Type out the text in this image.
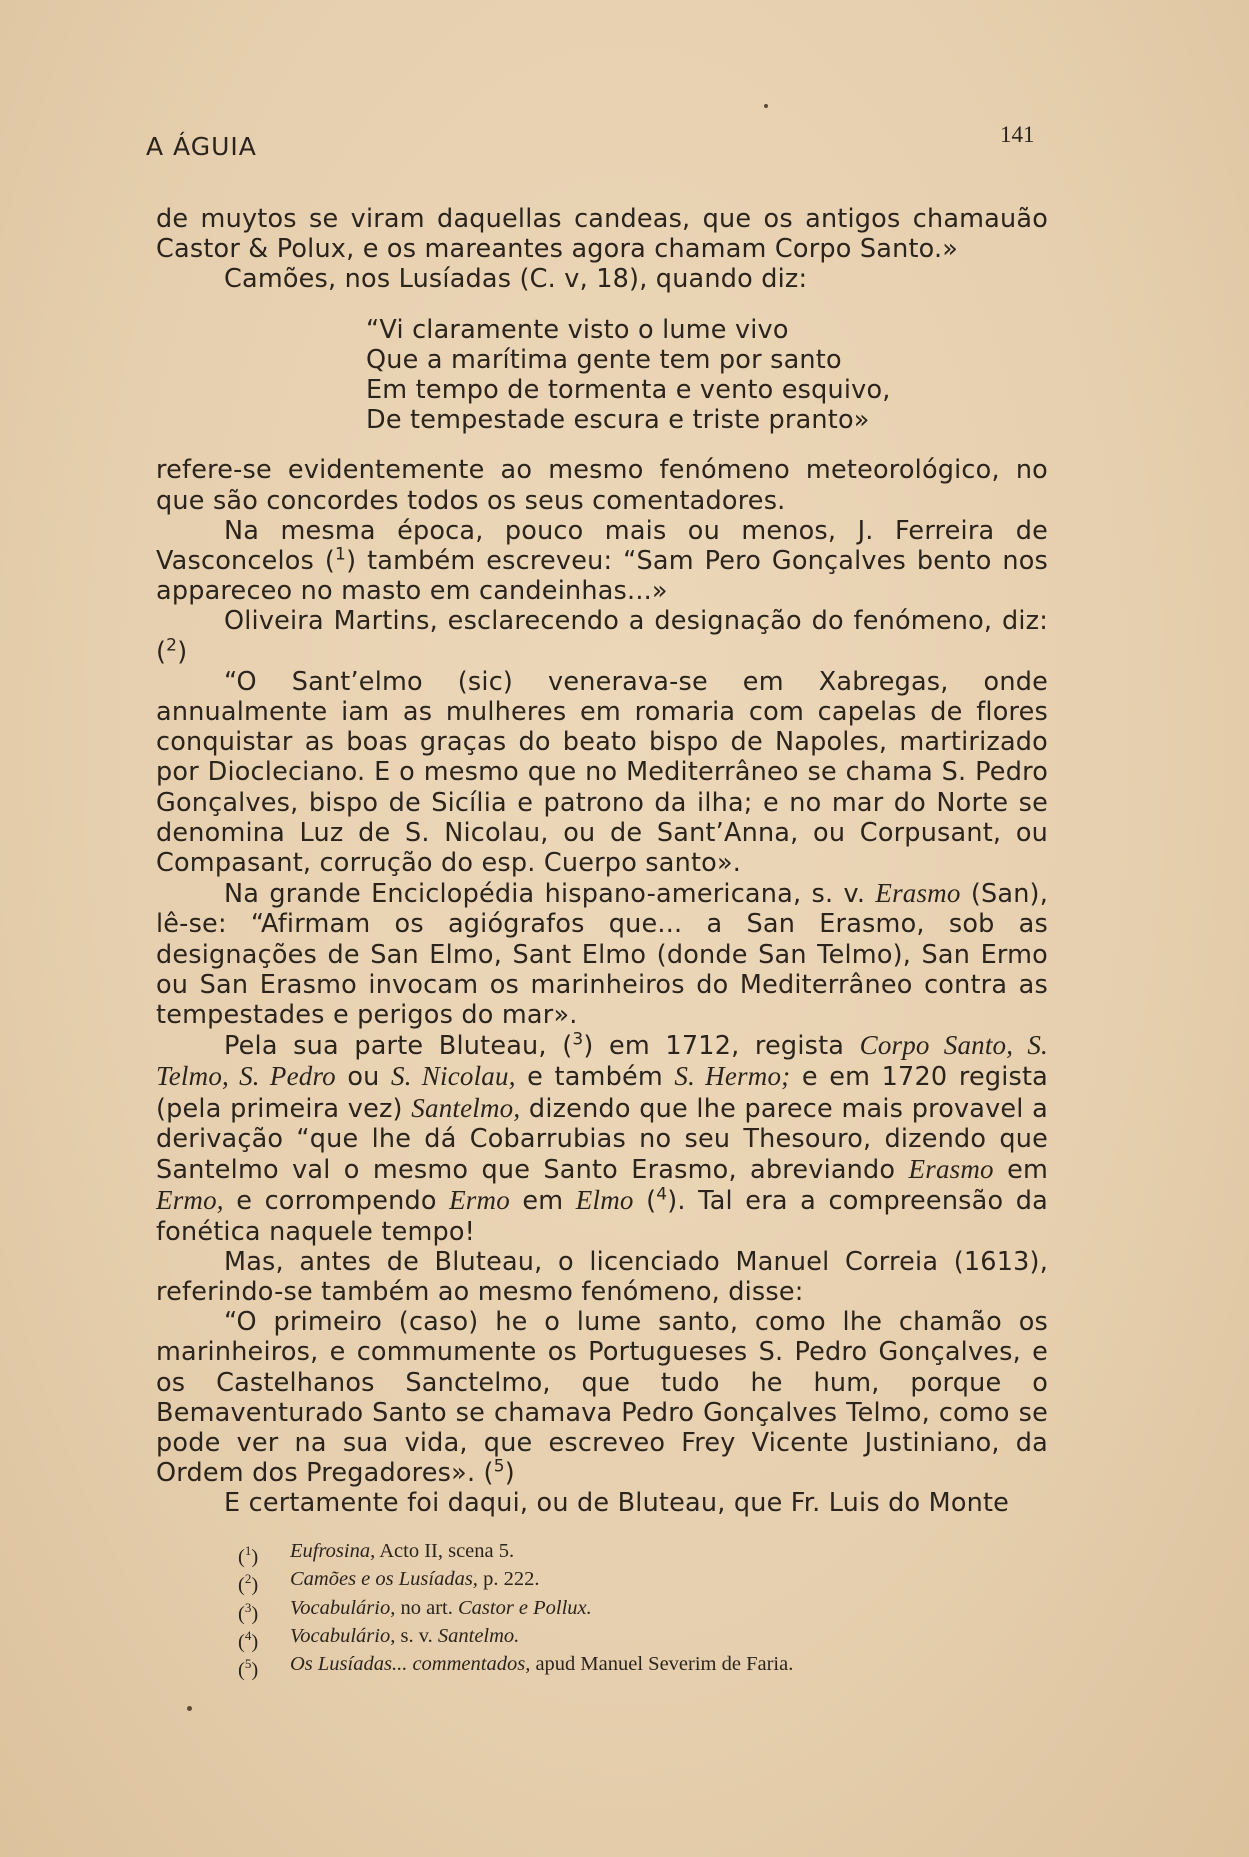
A ÁGUIA	141

de muytos se viram daquellas candeas, que os antigos chamauão Castor & Polux, e os mareantes agora chamam Corpo Santo.»

Camões, nos Lusíadas (C. v, 18), quando diz:

“Vi claramente visto o lume vivo
Que a marítima gente tem por santo
Em tempo de tormenta e vento esquivo,
De tempestade escura e triste pranto»

refere-se evidentemente ao mesmo fenómeno meteorológico, no que são concordes todos os seus comentadores.

Na mesma época, pouco mais ou menos, J. Ferreira de Vasconcelos ($^1$) também escreveu: “Sam Pero Gonçalves bento nos appareceo no masto em candeinhas...»

Oliveira Martins, esclarecendo a designação do fenómeno, diz: ($^2$)

“O Sant’elmo (sic) venerava-se em Xabregas, onde annualmente iam as mulheres em romaria com capelas de flores conquistar as boas graças do beato bispo de Napoles, martirizado por Diocleciano. E o mesmo que no Mediterrâneo se chama S. Pedro Gonçalves, bispo de Sicília e patrono da ilha; e no mar do Norte se denomina Luz de S. Nicolau, ou de Sant’Anna, ou Corpusant, ou Compasant, corrução do esp. Cuerpo santo».

Na grande Enciclopédia hispano-americana, s. v. Erasmo (San), lê-se: “Afirmam os agiógrafos que... a San Erasmo, sob as designações de San Elmo, Sant Elmo (donde San Telmo), San Ermo ou San Erasmo invocam os marinheiros do Mediterrâneo contra as tempestades e perigos do mar».

Pela sua parte Bluteau, ($^3$) em 1712, regista Corpo Santo, S. Telmo, S. Pedro ou S. Nicolau, e também S. Hermo; e em 1720 regista (pela primeira vez) Santelmo, dizendo que lhe parece mais provavel a derivação “que lhe dá Cobarrubias no seu Thesouro, dizendo que Santelmo val o mesmo que Santo Erasmo, abreviando Erasmo em Ermo, e corrompendo Ermo em Elmo ($^4$). Tal era a compreensão da fonética naquele tempo!

Mas, antes de Bluteau, o licenciado Manuel Correia (1613), referindo-se também ao mesmo fenómeno, disse:

“O primeiro (caso) he o lume santo, como lhe chamão os marinheiros, e commumente os Portugueses S. Pedro Gonçalves, e os Castelhanos Sanctelmo, que tudo he hum, porque o Bemaventurado Santo se chamava Pedro Gonçalves Telmo, como se pode ver na sua vida, que escreveo Frey Vicente Justiniano, da Ordem dos Pregadores». ($^5$)

E certamente foi daqui, ou de Bluteau, que Fr. Luis do Monte

($^1$)	Eufrosina, Acto II, scena 5.
($^2$)	Camões e os Lusíadas, p. 222.
($^3$)	Vocabulário, no art. Castor e Pollux.
($^4$)	Vocabulário, s. v. Santelmo.
($^5$)	Os Lusíadas... commentados, apud Manuel Severim de Faria.
